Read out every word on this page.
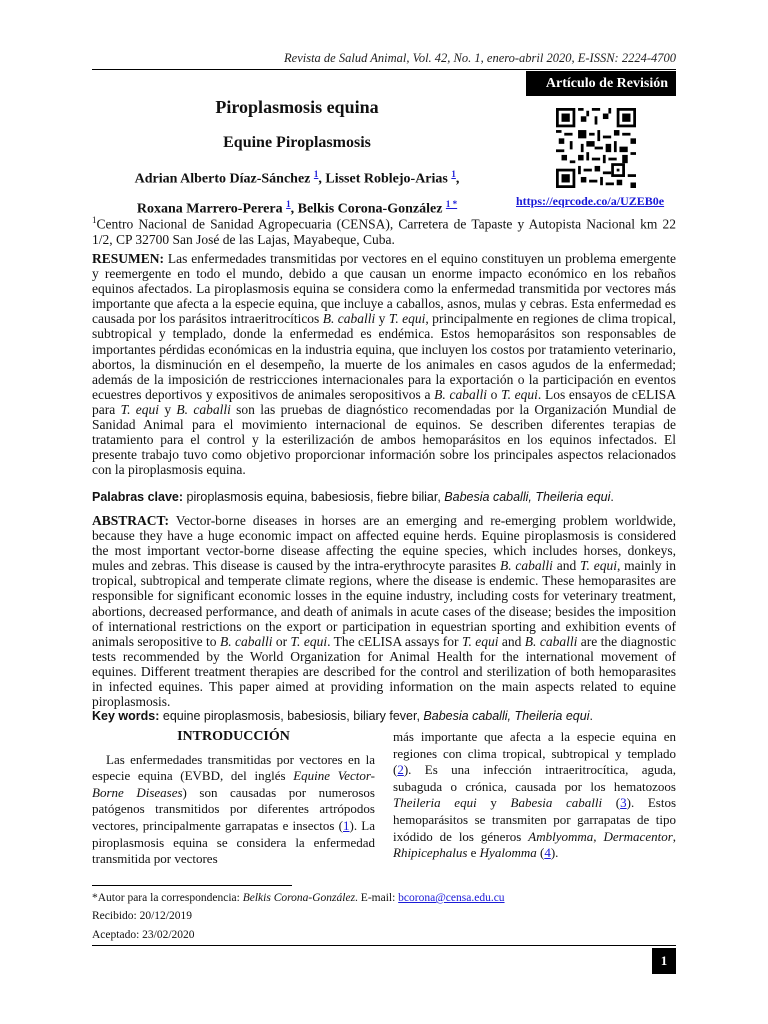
Revista de Salud Animal, Vol. 42, No. 1, enero-abril 2020, E-ISSN: 2224-4700
Artículo de Revisión
Piroplasmosis equina
Equine Piroplasmosis
Adrian Alberto Díaz-Sánchez $^1$, Lisset Roblejo-Arias $^1$,
Roxana Marrero-Perera $^1$, Belkis Corona-González $^{1 *}$	https://eqrcode.co/a/UZEB0e
$^1$Centro Nacional de Sanidad Agropecuaria (CENSA), Carretera de Tapaste y Autopista Nacional km 22 1/2, CP 32700 San José de las Lajas, Mayabeque, Cuba.
RESUMEN: Las enfermedades transmitidas por vectores en el equino constituyen un problema emergente y reemergente en todo el mundo, debido a que causan un enorme impacto económico en los rebaños equinos afectados. La piroplasmosis equina se considera como la enfermedad transmitida por vectores más importante que afecta a la especie equina, que incluye a caballos, asnos, mulas y cebras. Esta enfermedad es causada por los parásitos intraeritrocíticos B. caballi y T. equi, principalmente en regiones de clima tropical, subtropical y templado, donde la enfermedad es endémica. Estos hemoparásitos son responsables de importantes pérdidas económicas en la industria equina, que incluyen los costos por tratamiento veterinario, abortos, la disminución en el desempeño, la muerte de los animales en casos agudos de la enfermedad; además de la imposición de restricciones internacionales para la exportación o la participación en eventos ecuestres deportivos y expositivos de animales seropositivos a B. caballi o T. equi. Los ensayos de cELISA para T. equi y B. caballi son las pruebas de diagnóstico recomendadas por la Organización Mundial de Sanidad Animal para el movimiento internacional de equinos. Se describen diferentes terapias de tratamiento para el control y la esterilización de ambos hemoparásitos en los equinos infectados. El presente trabajo tuvo como objetivo proporcionar información sobre los principales aspectos relacionados con la piroplasmosis equina.
Palabras clave: piroplasmosis equina, babesiosis, fiebre biliar, Babesia caballi, Theileria equi.
ABSTRACT: Vector-borne diseases in horses are an emerging and re-emerging problem worldwide, because they have a huge economic impact on affected equine herds. Equine piroplasmosis is considered the most important vector-borne disease affecting the equine species, which includes horses, donkeys, mules and zebras. This disease is caused by the intra-erythrocyte parasites B. caballi and T. equi, mainly in tropical, subtropical and temperate climate regions, where the disease is endemic. These hemoparasites are responsible for significant economic losses in the equine industry, including costs for veterinary treatment, abortions, decreased performance, and death of animals in acute cases of the disease; besides the imposition of international restrictions on the export or participation in equestrian sporting and exhibition events of animals seropositive to B. caballi or T. equi. The cELISA assays for T. equi and B. caballi are the diagnostic tests recommended by the World Organization for Animal Health for the international movement of equines. Different treatment therapies are described for the control and sterilization of both hemoparasites in infected equines. This paper aimed at providing information on the main aspects related to equine piroplasmosis.
Key words: equine piroplasmosis, babesiosis, biliary fever, Babesia caballi, Theileria equi.
INTRODUCCIÓN
Las enfermedades transmitidas por vectores en la especie equina (EVBD, del inglés Equine Vector-Borne Diseases) son causadas por numerosos patógenos transmitidos por diferentes artrópodos vectores, principalmente garrapatas e insectos (1). La piroplasmosis equina se considera la enfermedad transmitida por vectores
más importante que afecta a la especie equina en regiones con clima tropical, subtropical y templado (2). Es una infección intraeritrocítica, aguda, subaguda o crónica, causada por los hematozoos Theileria equi y Babesia caballi (3). Estos hemoparásitos se transmiten por garrapatas de tipo ixódido de los géneros Amblyomma, Dermacentor, Rhipicephalus e Hyalomma (4).
*Autor para la correspondencia: Belkis Corona-González. E-mail: bcorona@censa.edu.cu
Recibido: 20/12/2019
Aceptado: 23/02/2020
1
